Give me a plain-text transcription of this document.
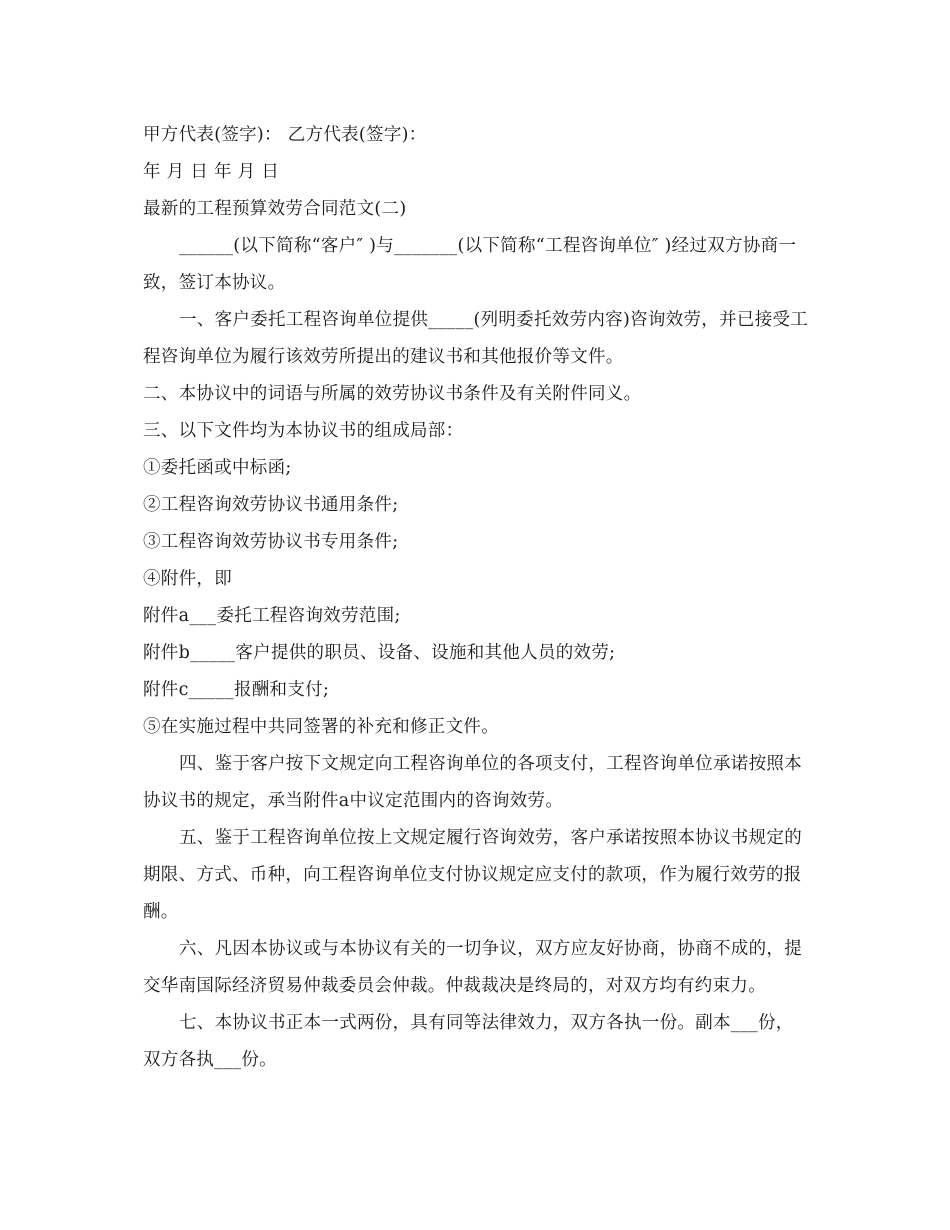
甲方代表(签字)： 乙方代表(签字)：

年 月 日 年 月 日

最新的工程预算效劳合同范文(二)

______(以下简称“客户″ )与_______(以下简称“工程咨询单位″ )经过双方协商一致，签订本协议。

一、客户委托工程咨询单位提供_____(列明委托效劳内容)咨询效劳，并已接受工程咨询单位为履行该效劳所提出的建议书和其他报价等文件。

二、本协议中的词语与所属的效劳协议书条件及有关附件同义。

三、以下文件均为本协议书的组成局部：

①委托函或中标函;

②工程咨询效劳协议书通用条件;

③工程咨询效劳协议书专用条件;

④附件，即

附件a___委托工程咨询效劳范围;

附件b_____客户提供的职员、设备、设施和其他人员的效劳;

附件c_____报酬和支付;

⑤在实施过程中共同签署的补充和修正文件。

四、鉴于客户按下文规定向工程咨询单位的各项支付，工程咨询单位承诺按照本协议书的规定，承当附件a中议定范围内的咨询效劳。

五、鉴于工程咨询单位按上文规定履行咨询效劳，客户承诺按照本协议书规定的期限、方式、币种，向工程咨询单位支付协议规定应支付的款项，作为履行效劳的报酬。

六、凡因本协议或与本协议有关的一切争议，双方应友好协商，协商不成的，提交华南国际经济贸易仲裁委员会仲裁。仲裁裁决是终局的，对双方均有约束力。

七、本协议书正本一式两份，具有同等法律效力，双方各执一份。副本___份，双方各执___份。
